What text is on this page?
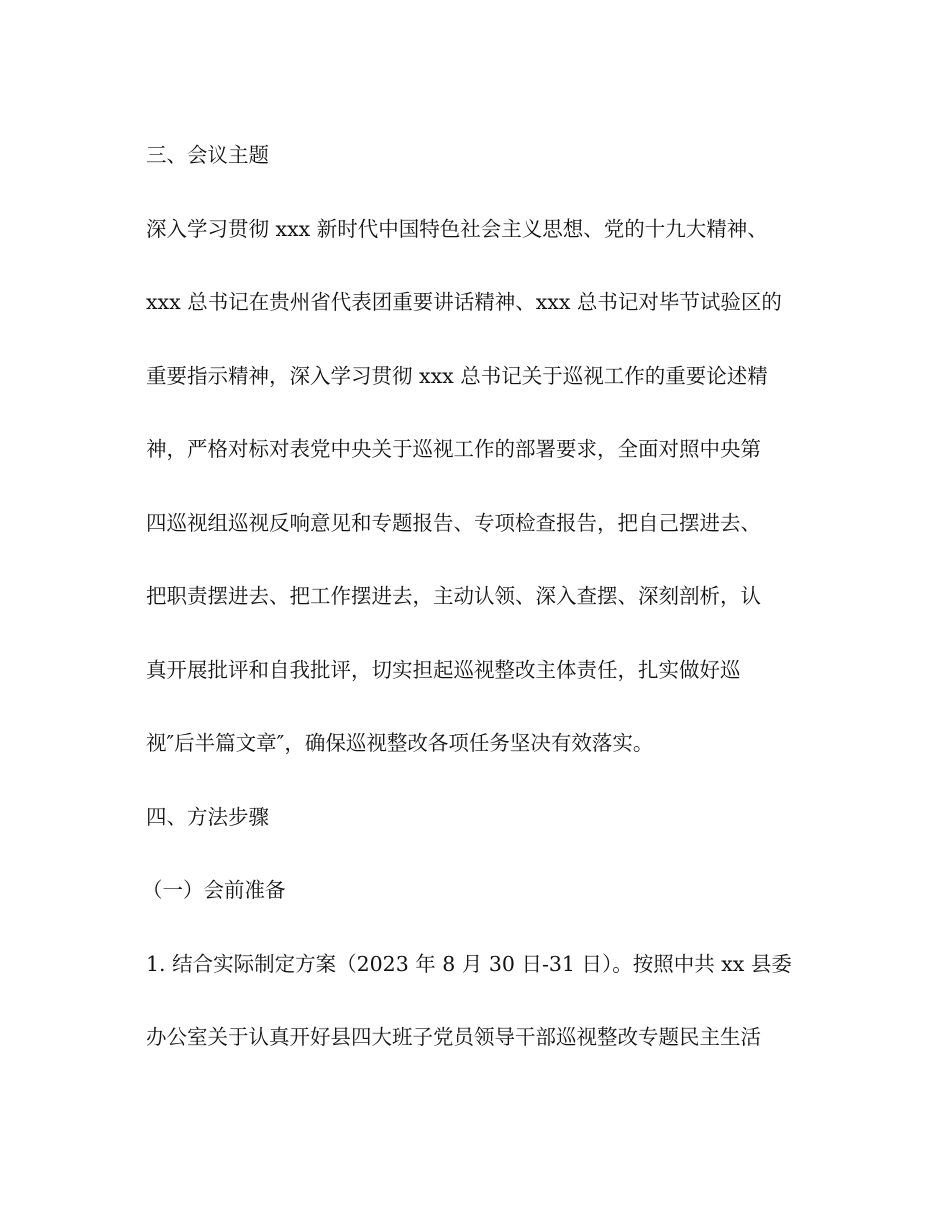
三、会议主题
深入学习贯彻 xxx 新时代中国特色社会主义思想、党的十九大精神、
xxx 总书记在贵州省代表团重要讲话精神、xxx 总书记对毕节试验区的
重要指示精神，深入学习贯彻 xxx 总书记关于巡视工作的重要论述精
神，严格对标对表党中央关于巡视工作的部署要求，全面对照中央第
四巡视组巡视反响意见和专题报告、专项检查报告，把自己摆进去、
把职责摆进去、把工作摆进去，主动认领、深入查摆、深刻剖析，认
真开展批评和自我批评，切实担起巡视整改主体责任，扎实做好巡
视″后半篇文章″，确保巡视整改各项任务坚决有效落实。
四、方法步骤
（一）会前准备
1. 结合实际制定方案（2023 年 8 月 30 日-31 日）。按照中共 xx 县委
办公室关于认真开好县四大班子党员领导干部巡视整改专题民主生活
